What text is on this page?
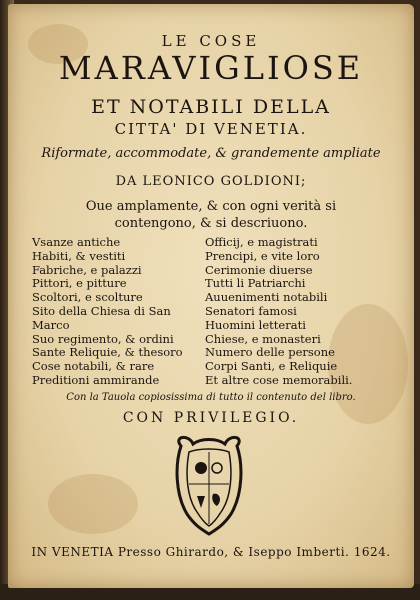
LE COSE
MARAVIGLIOSE
ET NOTABILI DELLA
CITTA' DI VENETIA.
Riformate, accommodate, & grandemente ampliate
DA LEONICO GOLDIONI;
Oue amplamente, & con ogni verità si contengono, & si descriuono.
Vsanze antiche
Habiti, & vestiti
Fabriche, e palazzi
Pittori, e pitture
Scoltori, e scolture
Sito della Chiesa di San
Marco
Suo regimento, & ordini
Sante Reliquie, & thesoro
Cose notabili, & rare
Preditioni ammirande
Officij, e magistrati
Prencipi, e vite loro
Cerimonie diuerse
Tutti li Patriarchi
Auuenimenti notabili
Senatori famosi
Huomini letterati
Chiese, e monasteri
Numero delle persone
Corpi Santi, e Reliquie
Et altre cose memorabili.
Con la Tauola copiosissima di tutto il contenuto del libro.
CON PRIVILEGIO.
IN VENETIA Presso Ghirardo, & Iseppo Imberti. 1624.
